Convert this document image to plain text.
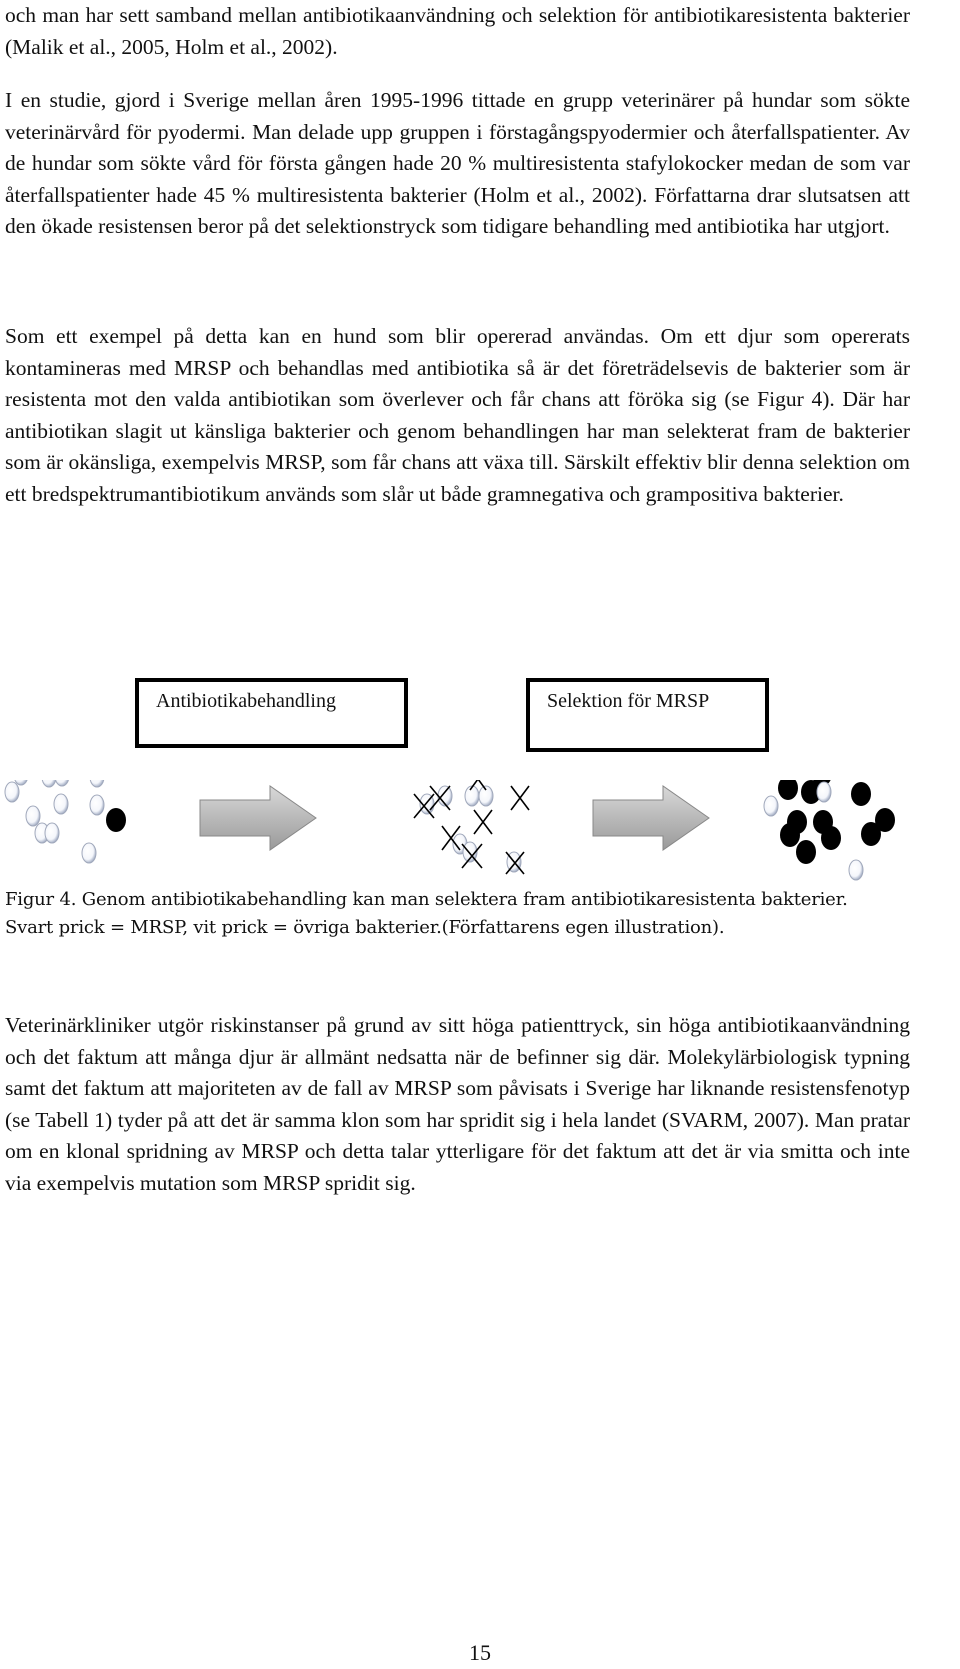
och man har sett samband mellan antibiotikaanvändning och selektion för antibiotikaresistenta bakterier (Malik et al., 2005, Holm et al., 2002).

I en studie, gjord i Sverige mellan åren 1995-1996 tittade en grupp veterinärer på hundar som sökte veterinärvård för pyodermi. Man delade upp gruppen i förstagångspyodermier och återfallspatienter. Av de hundar som sökte vård för första gången hade 20 % multiresistenta stafylokocker medan de som var återfallspatienter hade 45 % multiresistenta bakterier (Holm et al., 2002). Författarna drar slutsatsen att den ökade resistensen beror på det selektionstryck som tidigare behandling med antibiotika har utgjort.

Som ett exempel på detta kan en hund som blir opererad användas. Om ett djur som opererats kontamineras med MRSP och behandlas med antibiotika så är det företrädelsevis de bakterier som är resistenta mot den valda antibiotikan som överlever och får chans att föröka sig (se Figur 4). Där har antibiotikan slagit ut känsliga bakterier och genom behandlingen har man selekterat fram de bakterier som är okänsliga, exempelvis MRSP, som får chans att växa till. Särskilt effektiv blir denna selektion om ett bredspektrumantibiotikum används som slår ut både gramnegativa och grampositiva bakterier.

Antibiotikabehandling	Selektion för MRSP

Figur 4. Genom antibiotikabehandling kan man selektera fram antibiotikaresistenta bakterier. Svart prick = MRSP, vit prick = övriga bakterier.(Författarens egen illustration).

Veterinärkliniker utgör riskinstanser på grund av sitt höga patienttryck, sin höga antibiotikaanvändning och det faktum att många djur är allmänt nedsatta när de befinner sig där. Molekylärbiologisk typning samt det faktum att majoriteten av de fall av MRSP som påvisats i Sverige har liknande resistensfenotyp (se Tabell 1) tyder på att det är samma klon som har spridit sig i hela landet (SVARM, 2007). Man pratar om en klonal spridning av MRSP och detta talar ytterligare för det faktum att det är via smitta och inte via exempelvis mutation som MRSP spridit sig.

15
